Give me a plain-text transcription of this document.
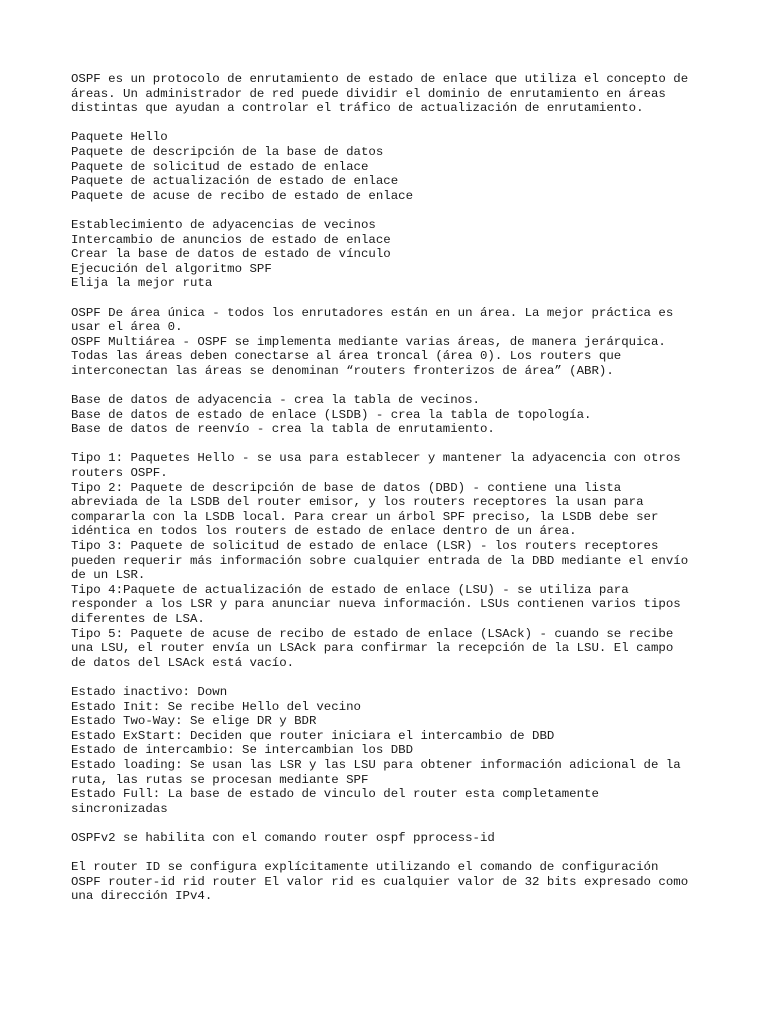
OSPF es un protocolo de enrutamiento de estado de enlace que utiliza el concepto de
áreas. Un administrador de red puede dividir el dominio de enrutamiento en áreas
distintas que ayudan a controlar el tráfico de actualización de enrutamiento.
Paquete Hello
Paquete de descripción de la base de datos
Paquete de solicitud de estado de enlace
Paquete de actualización de estado de enlace
Paquete de acuse de recibo de estado de enlace
Establecimiento de adyacencias de vecinos
Intercambio de anuncios de estado de enlace
Crear la base de datos de estado de vínculo
Ejecución del algoritmo SPF
Elija la mejor ruta
OSPF De área única - todos los enrutadores están en un área. La mejor práctica es
usar el área 0.
OSPF Multiárea - OSPF se implementa mediante varias áreas, de manera jerárquica.
Todas las áreas deben conectarse al área troncal (área 0). Los routers que
interconectan las áreas se denominan “routers fronterizos de área” (ABR).
Base de datos de adyacencia - crea la tabla de vecinos.
Base de datos de estado de enlace (LSDB) - crea la tabla de topología.
Base de datos de reenvío - crea la tabla de enrutamiento.
Tipo 1: Paquetes Hello - se usa para establecer y mantener la adyacencia con otros
routers OSPF.
Tipo 2: Paquete de descripción de base de datos (DBD) - contiene una lista
abreviada de la LSDB del router emisor, y los routers receptores la usan para
compararla con la LSDB local. Para crear un árbol SPF preciso, la LSDB debe ser
idéntica en todos los routers de estado de enlace dentro de un área.
Tipo 3: Paquete de solicitud de estado de enlace (LSR) - los routers receptores
pueden requerir más información sobre cualquier entrada de la DBD mediante el envío
de un LSR.
Tipo 4:Paquete de actualización de estado de enlace (LSU) - se utiliza para
responder a los LSR y para anunciar nueva información. LSUs contienen varios tipos
diferentes de LSA.
Tipo 5: Paquete de acuse de recibo de estado de enlace (LSAck) - cuando se recibe
una LSU, el router envía un LSAck para confirmar la recepción de la LSU. El campo
de datos del LSAck está vacío.
Estado inactivo: Down
Estado Init: Se recibe Hello del vecino
Estado Two-Way: Se elige DR y BDR
Estado ExStart: Deciden que router iniciara el intercambio de DBD
Estado de intercambio: Se intercambian los DBD
Estado loading: Se usan las LSR y las LSU para obtener información adicional de la
ruta, las rutas se procesan mediante SPF
Estado Full: La base de estado de vinculo del router esta completamente
sincronizadas
OSPFv2 se habilita con el comando router ospf pprocess-id
El router ID se configura explícitamente utilizando el comando de configuración
OSPF router-id rid router El valor rid es cualquier valor de 32 bits expresado como
una dirección IPv4.
